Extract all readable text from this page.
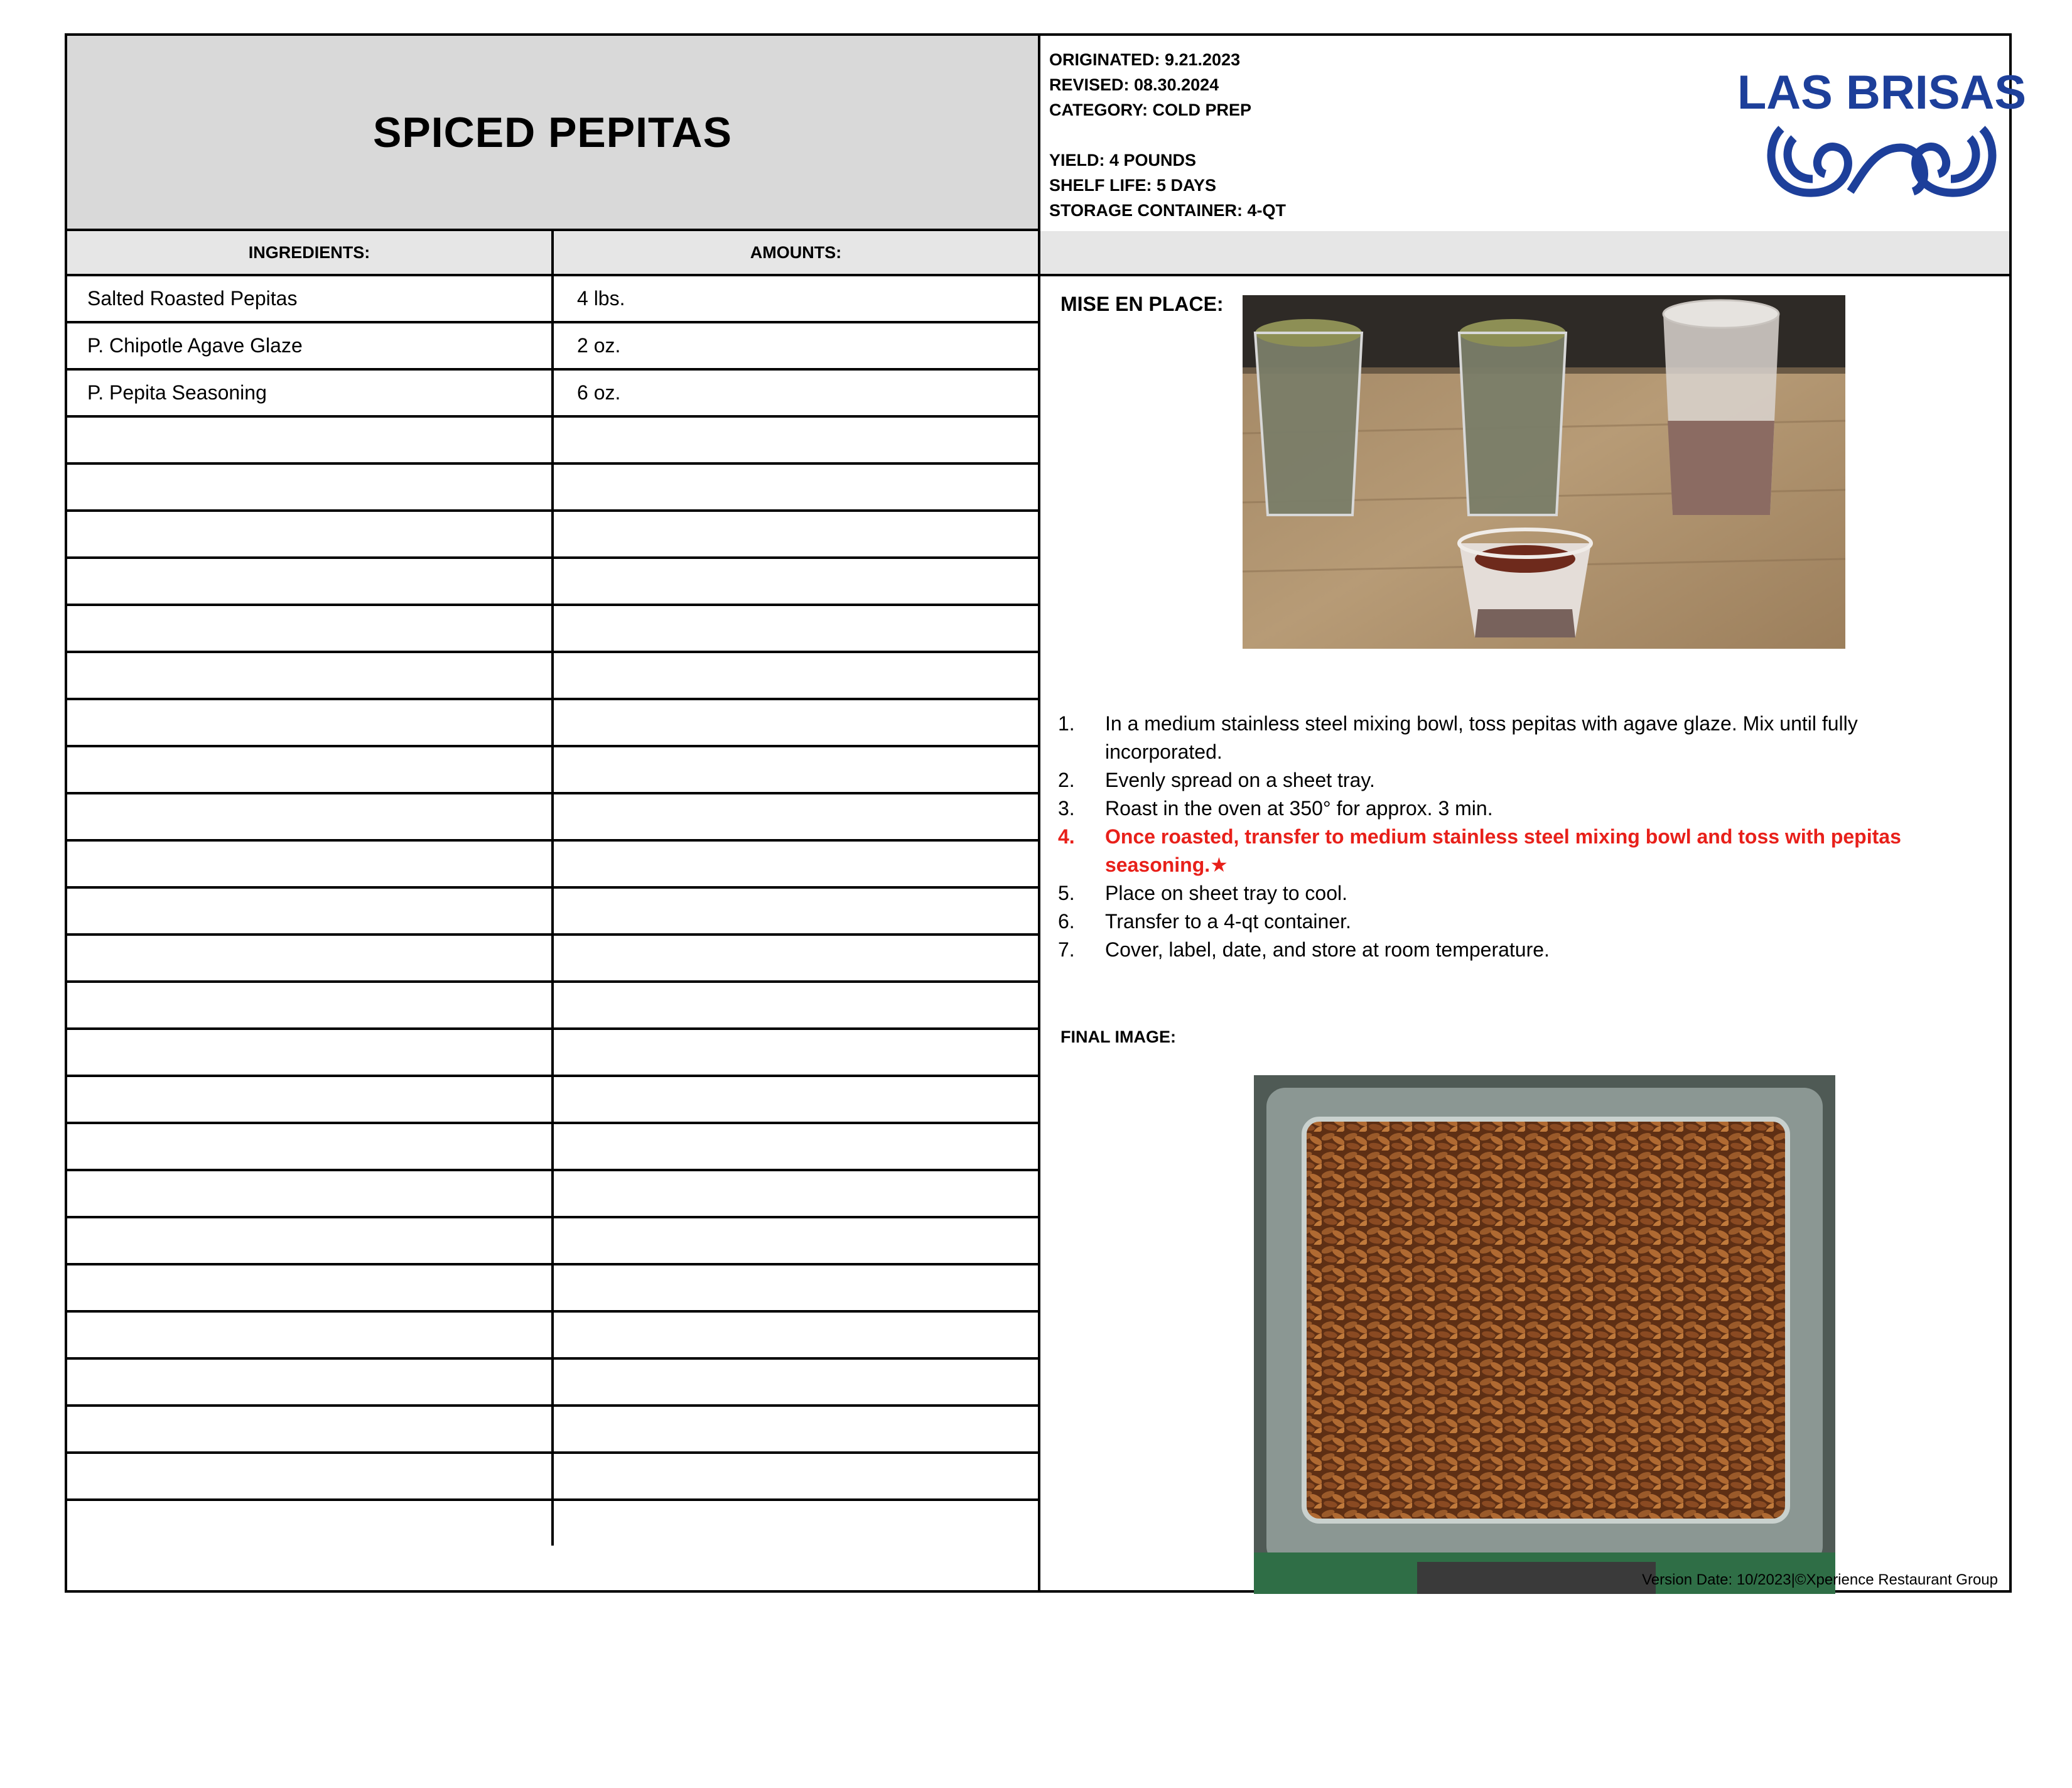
SPICED PEPITAS
ORIGINATED: 9.21.2023
REVISED: 08.30.2024
CATEGORY: COLD PREP
YIELD: 4 POUNDS
SHELF LIFE: 5 DAYS
STORAGE CONTAINER: 4-QT
LAS BRISAS
INGREDIENTS:	AMOUNTS:
Salted Roasted Pepitas	4 lbs.
P. Chipotle Agave Glaze	2 oz.
P. Pepita Seasoning	6 oz.
MISE EN PLACE:
1. In a medium stainless steel mixing bowl, toss pepitas with agave glaze. Mix until fully incorporated.
2. Evenly spread on a sheet tray.
3. Roast in the oven at 350° for approx. 3 min.
4. Once roasted, transfer to medium stainless steel mixing bowl and toss with pepitas seasoning.★
5. Place on sheet tray to cool.
6. Transfer to a 4-qt container.
7. Cover, label, date, and store at room temperature.
FINAL IMAGE:
Version Date: 10/2023|©Xperience Restaurant Group
